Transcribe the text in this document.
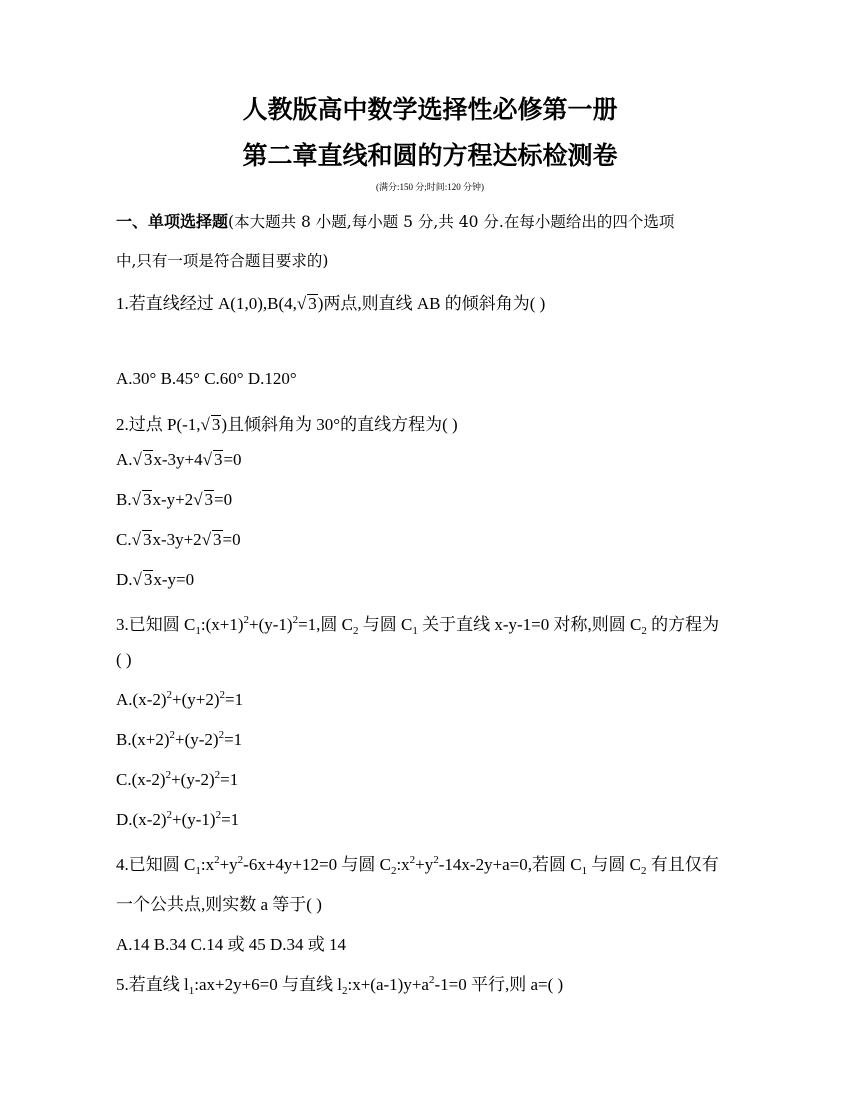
人教版高中数学选择性必修第一册
第二章直线和圆的方程达标检测卷
(满分:150 分;时间:120 分钟)
一、单项选择题(本大题共 8 小题,每小题 5 分,共 40 分.在每小题给出的四个选项
中,只有一项是符合题目要求的)
1.若直线经过 A(1,0),B(4,√ 3)两点,则直线 AB 的倾斜角为( )
A.30° B.45° C.60° D.120°
2.过点 P(-1,√ 3)且倾斜角为 30°的直线方程为( )
A.√ 3x-3y+4√ 3=0
B.√ 3x-y+2√ 3=0
C.√ 3x-3y+2√ 3=0
D.√ 3x-y=0
3.已知圆 $C_1:(x+1)^2+(y-1)^2=1$,圆 $C_2$ 与圆 $C_1$ 关于直线 x-y-1=0 对称,则圆 $C_2$ 的方程为
( )
$A.(x-2)^2+(y+2)^2=1$
$B.(x+2)^2+(y-2)^2=1$
$C.(x-2)^2+(y-2)^2=1$
$D.(x-2)^2+(y-1)^2=1$
4.已知圆 $C_1:x^2+y^2-6x+4y+12=0$ 与圆 $C_2:x^2+y^2-14x-2y+a=0$,若圆 $C_1$ 与圆 $C_2$ 有且仅有
一个公共点,则实数 a 等于( )
A.14 B.34 C.14 或 45 D.34 或 14
5.若直线 $l_1:ax+2y+6=0$ 与直线 $l_2:x+(a-1)y+a^2-1=0$ 平行,则 a=( )
